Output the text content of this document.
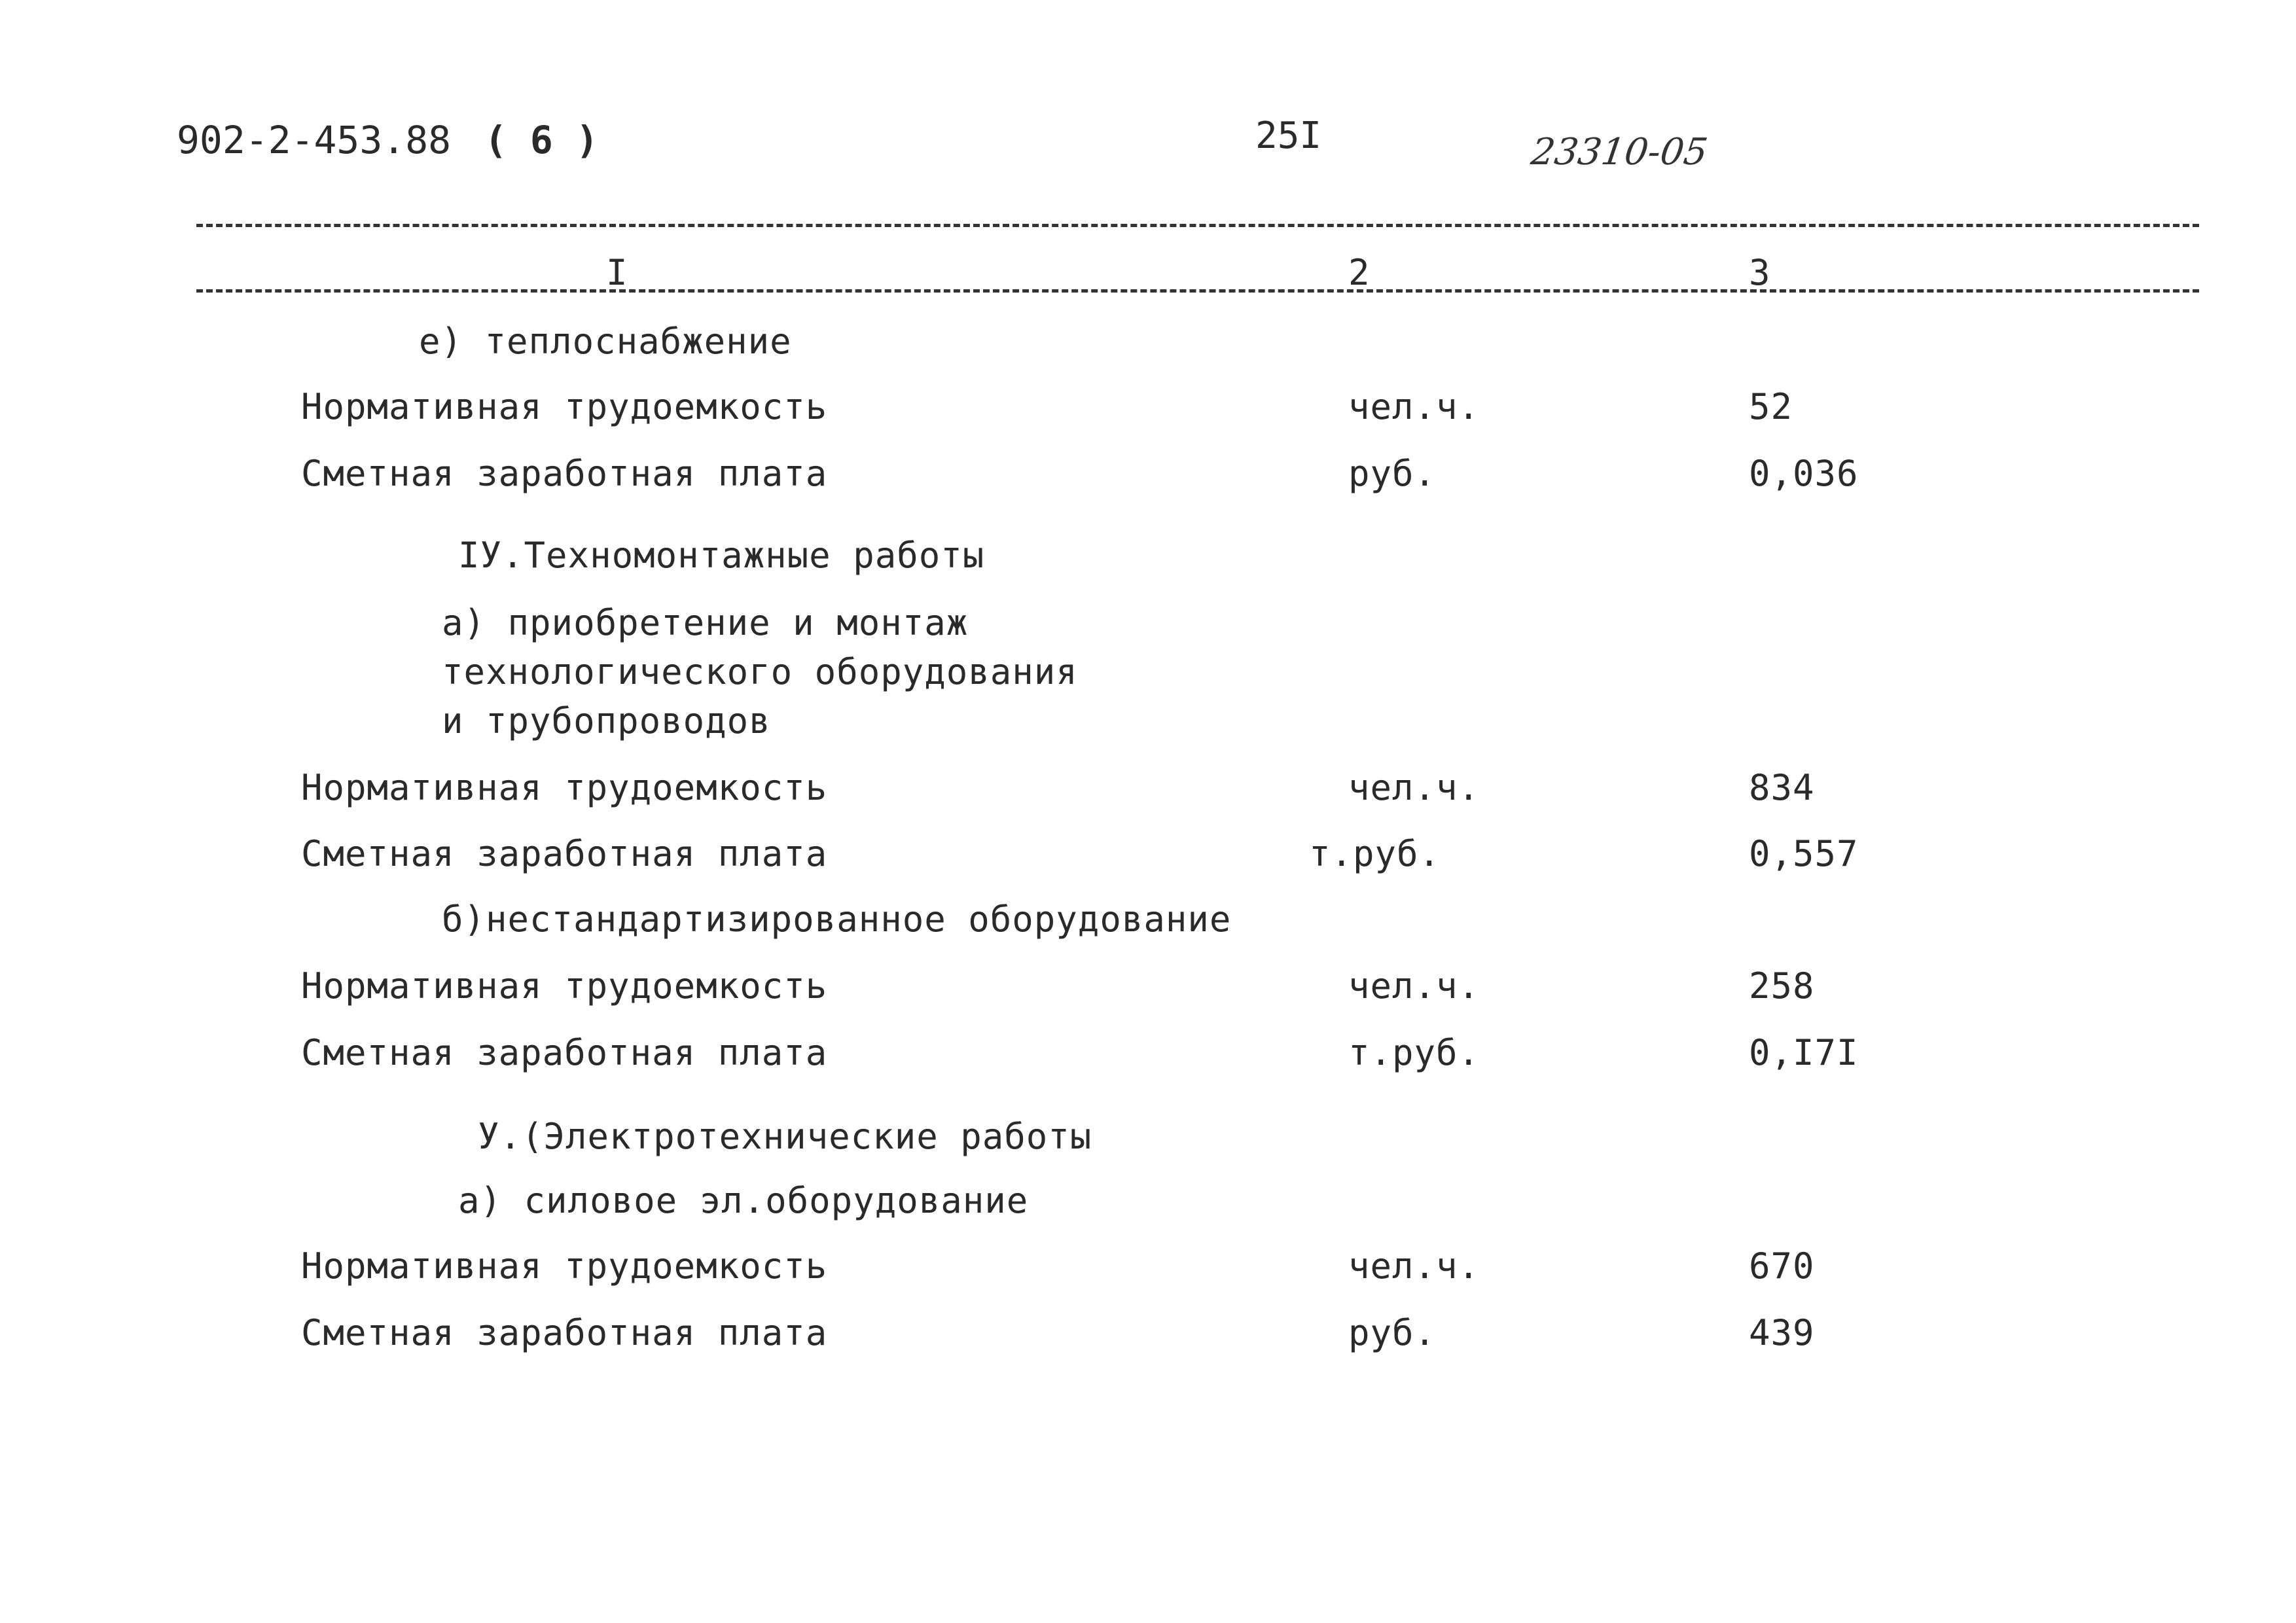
902-2-453.88 ( 6 )	25I	23310-05
I	2	3
е) теплоснабжение
Нормативная трудоемкость	чел.ч.	52
Сметная заработная плата	руб.	0,036
IУ.Техномонтажные работы
а) приобретение и монтаж
технологического оборудования
и трубопроводов
Нормативная трудоемкость	чел.ч.	834
Сметная заработная плата	т.руб.	0,557
б)нестандартизированное оборудование
Нормативная трудоемкость	чел.ч.	258
Сметная заработная плата	т.руб.	0,I7I
У.(Электротехнические работы
а) силовое эл.оборудование
Нормативная трудоемкость	чел.ч.	670
Сметная заработная плата	руб.	439
